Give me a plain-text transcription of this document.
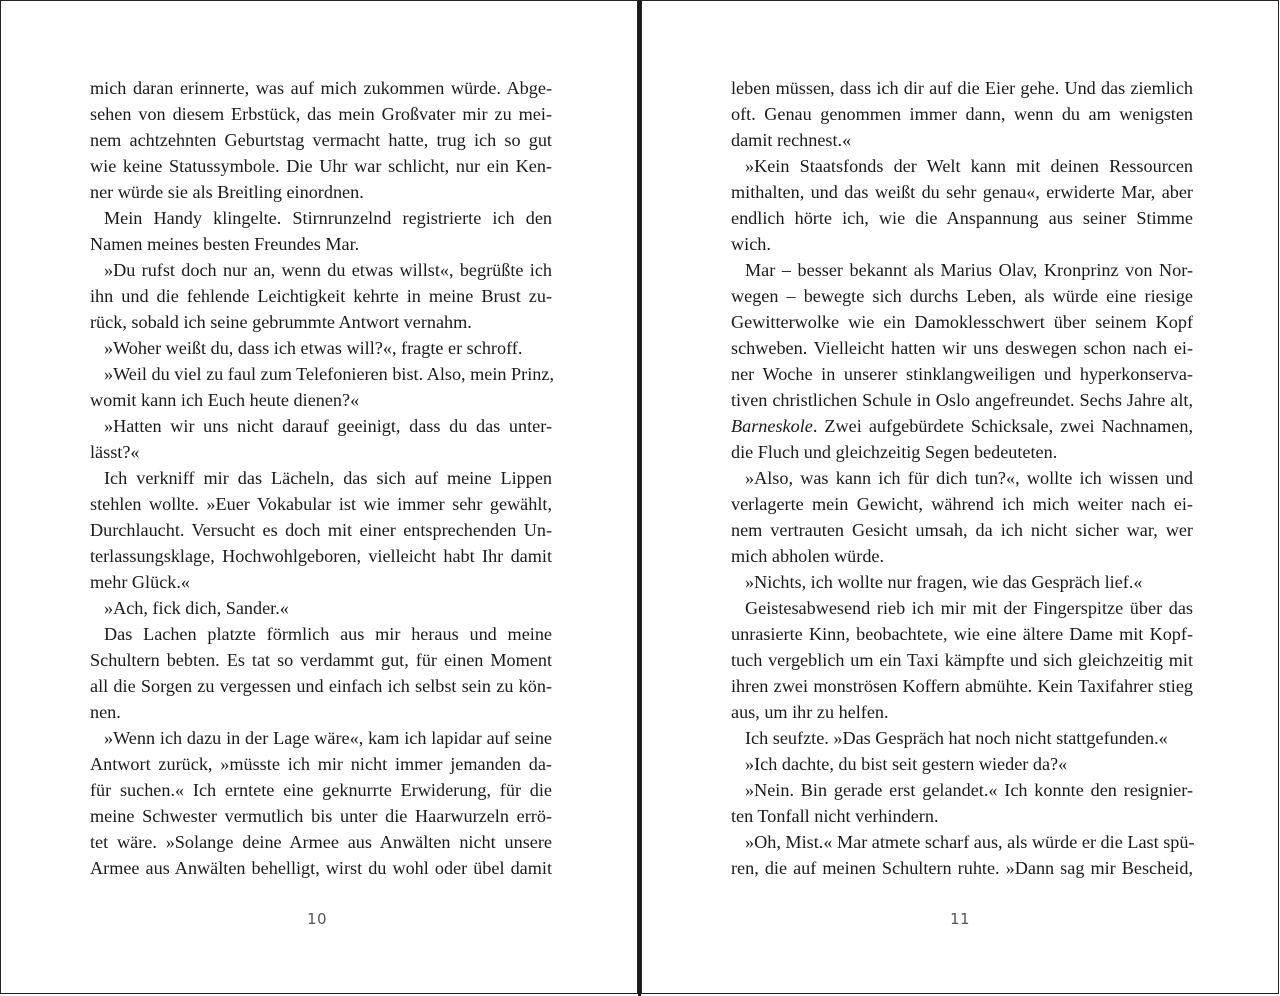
mich daran erinnerte, was auf mich zukommen würde. Abge-
sehen von diesem Erbstück, das mein Großvater mir zu mei-
nem achtzehnten Geburtstag vermacht hatte, trug ich so gut
wie keine Statussymbole. Die Uhr war schlicht, nur ein Ken-
ner würde sie als Breitling einordnen.
Mein Handy klingelte. Stirnrunzelnd registrierte ich den
Namen meines besten Freundes Mar.
»Du rufst doch nur an, wenn du etwas willst«, begrüßte ich
ihn und die fehlende Leichtigkeit kehrte in meine Brust zu-
rück, sobald ich seine gebrummte Antwort vernahm.
»Woher weißt du, dass ich etwas will?«, fragte er schroff.
»Weil du viel zu faul zum Telefonieren bist. Also, mein Prinz,
womit kann ich Euch heute dienen?«
»Hatten wir uns nicht darauf geeinigt, dass du das unter-
lässt?«
Ich verkniff mir das Lächeln, das sich auf meine Lippen
stehlen wollte. »Euer Vokabular ist wie immer sehr gewählt,
Durchlaucht. Versucht es doch mit einer entsprechenden Un-
terlassungsklage, Hochwohlgeboren, vielleicht habt Ihr damit
mehr Glück.«
»Ach, fick dich, Sander.«
Das Lachen platzte förmlich aus mir heraus und meine
Schultern bebten. Es tat so verdammt gut, für einen Moment
all die Sorgen zu vergessen und einfach ich selbst sein zu kön-
nen.
»Wenn ich dazu in der Lage wäre«, kam ich lapidar auf seine
Antwort zurück, »müsste ich mir nicht immer jemanden da-
für suchen.« Ich erntete eine geknurrte Erwiderung, für die
meine Schwester vermutlich bis unter die Haarwurzeln errö-
tet wäre. »Solange deine Armee aus Anwälten nicht unsere
Armee aus Anwälten behelligt, wirst du wohl oder übel damit
10
leben müssen, dass ich dir auf die Eier gehe. Und das ziemlich
oft. Genau genommen immer dann, wenn du am wenigsten
damit rechnest.«
»Kein Staatsfonds der Welt kann mit deinen Ressourcen
mithalten, und das weißt du sehr genau«, erwiderte Mar, aber
endlich hörte ich, wie die Anspannung aus seiner Stimme
wich.
Mar – besser bekannt als Marius Olav, Kronprinz von Nor-
wegen – bewegte sich durchs Leben, als würde eine riesige
Gewitterwolke wie ein Damoklesschwert über seinem Kopf
schweben. Vielleicht hatten wir uns deswegen schon nach ei-
ner Woche in unserer stinklangweiligen und hyperkonserva-
tiven christlichen Schule in Oslo angefreundet. Sechs Jahre alt,
Barneskole. Zwei aufgebürdete Schicksale, zwei Nachnamen,
die Fluch und gleichzeitig Segen bedeuteten.
»Also, was kann ich für dich tun?«, wollte ich wissen und
verlagerte mein Gewicht, während ich mich weiter nach ei-
nem vertrauten Gesicht umsah, da ich nicht sicher war, wer
mich abholen würde.
»Nichts, ich wollte nur fragen, wie das Gespräch lief.«
Geistesabwesend rieb ich mir mit der Fingerspitze über das
unrasierte Kinn, beobachtete, wie eine ältere Dame mit Kopf-
tuch vergeblich um ein Taxi kämpfte und sich gleichzeitig mit
ihren zwei monströsen Koffern abmühte. Kein Taxifahrer stieg
aus, um ihr zu helfen.
Ich seufzte. »Das Gespräch hat noch nicht stattgefunden.«
»Ich dachte, du bist seit gestern wieder da?«
»Nein. Bin gerade erst gelandet.« Ich konnte den resignier-
ten Tonfall nicht verhindern.
»Oh, Mist.« Mar atmete scharf aus, als würde er die Last spü-
ren, die auf meinen Schultern ruhte. »Dann sag mir Bescheid,
11
